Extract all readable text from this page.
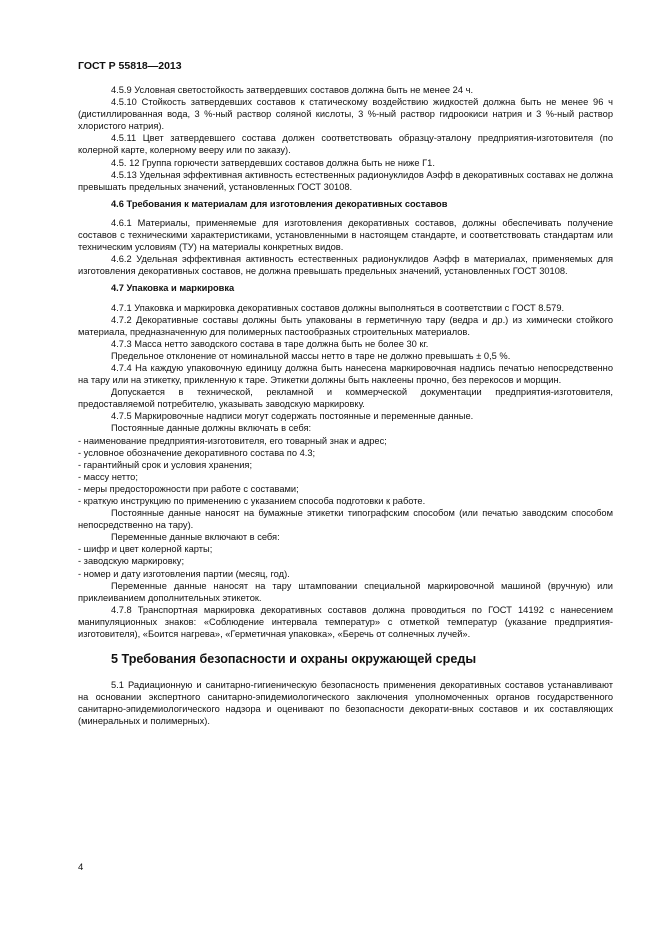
ГОСТ Р 55818—2013

4.5.9 Условная светостойкость затвердевших составов должна быть не менее 24 ч.

4.5.10 Стойкость затвердевших составов к статическому воздействию жидкостей должна быть не менее 96 ч (дистиллированная вода, 3 %-ный раствор соляной кислоты, 3 %-ный раствор гидроокиси натрия и 3 %-ный раствор хлористого натрия).

4.5.11 Цвет затвердевшего состава должен соответствовать образцу-эталону предприятия-изготовителя (по колерной карте, колерному вееру или по заказу).

4.5. 12 Группа горючести затвердевших составов должна быть не ниже Г1.

4.5.13 Удельная эффективная активность естественных радионуклидов Аэфф в декоративных составах не должна превышать предельных значений, установленных ГОСТ 30108.

4.6 Требования к материалам для изготовления декоративных составов

4.6.1 Материалы, применяемые для изготовления декоративных составов, должны обеспечивать получение составов с техническими характеристиками, установленными в настоящем стандарте, и соответствовать стандартам или техническим условиям (ТУ) на материалы конкретных видов.

4.6.2 Удельная эффективная активность естественных радионуклидов Аэфф в материалах, применяемых для изготовления декоративных составов, не должна превышать предельных значений, установленных ГОСТ 30108.

4.7 Упаковка и маркировка

4.7.1 Упаковка и маркировка декоративных составов должны выполняться в соответствии с ГОСТ 8.579.

4.7.2 Декоративные составы должны быть упакованы в герметичную тару (ведра и др.) из химически стойкого материала, предназначенную для полимерных пастообразных строительных материалов.

4.7.3 Масса нетто заводского состава в таре должна быть не более 30 кг.

Предельное отклонение от номинальной массы нетто в таре не должно превышать ± 0,5 %.

4.7.4 На каждую упаковочную единицу должна быть нанесена маркировочная надпись печатью непосредственно на тару или на этикетку, прикленную к таре. Этикетки должны быть наклеены прочно, без перекосов и морщин.

Допускается в технической, рекламной и коммерческой документации предприятия-изготовителя, предоставляемой потребителю, указывать заводскую маркировку.

4.7.5 Маркировочные надписи могут содержать постоянные и переменные данные.

Постоянные данные должны включать в себя:

- наименование предприятия-изготовителя, его товарный знак и адрес;

- условное обозначение декоративного состава по 4.3;

- гарантийный срок и условия хранения;

- массу нетто;

- меры предосторожности при работе с составами;

- краткую инструкцию по применению с указанием способа подготовки к работе.

Постоянные данные наносят на бумажные этикетки типографским способом (или печатью заводским способом непосредственно на тару).

Переменные данные включают в себя:

- шифр и цвет колерной карты;

- заводскую маркировку;

- номер и дату изготовления партии (месяц, год).

Переменные данные наносят на тару штамповании специальной маркировочной машиной (вручную) или приклеиванием дополнительных этикеток.

4.7.8 Транспортная маркировка декоративных составов должна проводиться по ГОСТ 14192 с нанесением манипуляционных знаков: «Соблюдение интервала температур» с отметкой температур (указание предприятия-изготовителя), «Боится нагрева», «Герметичная упаковка», «Беречь от солнечных лучей».

5 Требования безопасности и охраны окружающей среды

5.1 Радиационную и санитарно-гигиеническую безопасность применения декоративных составов устанавливают на основании экспертного санитарно-эпидемиологического заключения уполномоченных органов государственного санитарно-эпидемиологического надзора и оценивают по безопасности декорати-вных составов и их составляющих (минеральных и полимерных).

4
